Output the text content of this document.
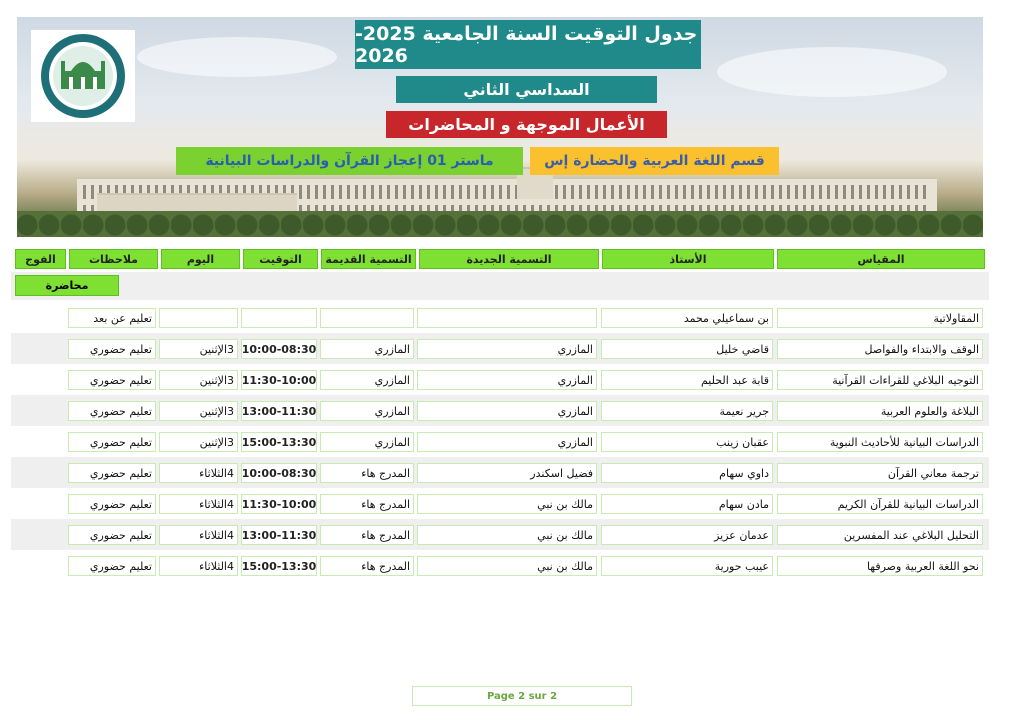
جدول التوقيت السنة الجامعية 2025-2026
السداسي الثاني
الأعمال الموجهة و المحاضرات
قسم اللغة العربية والحضارة إس
ماستر 01 إعجاز القرآن والدراسات البيانية
المقياس
الأستاذ
التسمية الجديدة
التسمية القديمة
التوقيت
اليوم
ملاحظات
الفوج
محاضرة
المقاولاتية
بن سماعيلي محمد
تعليم عن بعد
الوقف والابتداء والفواصل
قاضي خليل
المازري
المازري
10:00-08:30
3الإثنين
تعليم حضوري
التوجيه البلاغي للقراءات القرآنية
قابة عبد الحليم
المازري
المازري
11:30-10:00
3الإثنين
تعليم حضوري
البلاغة والعلوم العربية
جرير نعيمة
المازري
المازري
13:00-11:30
3الإثنين
تعليم حضوري
الدراسات البيانية للأحاديث النبوية
عقبان زينب
المازري
المازري
15:00-13:30
3الإثنين
تعليم حضوري
ترجمة معاني القرآن
داوي سهام
فضيل اسكندر
المدرج هاء
10:00-08:30
4الثلاثاء
تعليم حضوري
الدراسات البيانية للقرآن الكريم
مادن سهام
مالك بن نبي
المدرج هاء
11:30-10:00
4الثلاثاء
تعليم حضوري
التحليل البلاغي عند المفسرين
عدمان عزيز
مالك بن نبي
المدرج هاء
13:00-11:30
4الثلاثاء
تعليم حضوري
نحو اللغة العربية وصرفها
عيبب حورية
مالك بن نبي
المدرج هاء
15:00-13:30
4الثلاثاء
تعليم حضوري
Page 2 sur 2
